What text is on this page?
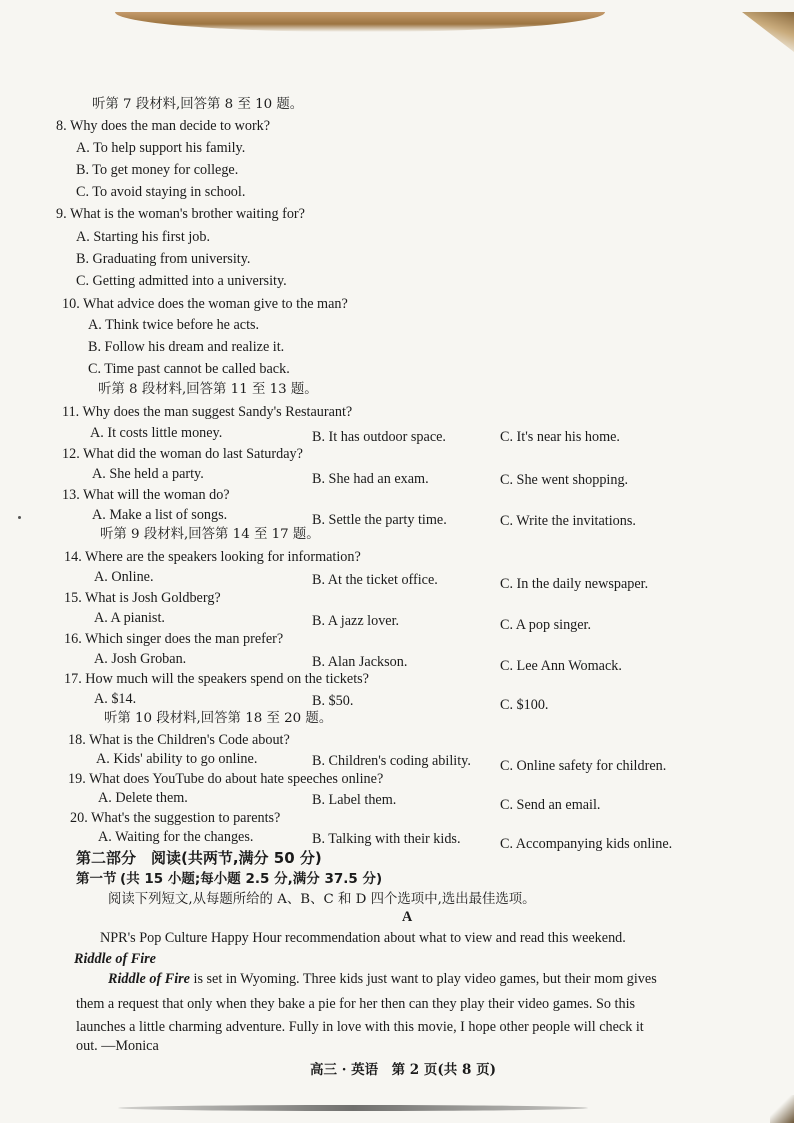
听第 7 段材料,回答第 8 至 10 题。
8. Why does the man decide to work?
A. To help support his family.
B. To get money for college.
C. To avoid staying in school.
9. What is the woman's brother waiting for?
A. Starting his first job.
B. Graduating from university.
C. Getting admitted into a university.
10. What advice does the woman give to the man?
A. Think twice before he acts.
B. Follow his dream and realize it.
C. Time past cannot be called back.
听第 8 段材料,回答第 11 至 13 题。
11. Why does the man suggest Sandy's Restaurant?
A. It costs little money.	B. It has outdoor space.	C. It's near his home.
12. What did the woman do last Saturday?
A. She held a party.	B. She had an exam.	C. She went shopping.
13. What will the woman do?
A. Make a list of songs.	B. Settle the party time.	C. Write the invitations.
听第 9 段材料,回答第 14 至 17 题。
14. Where are the speakers looking for information?
A. Online.	B. At the ticket office.	C. In the daily newspaper.
15. What is Josh Goldberg?
A. A pianist.	B. A jazz lover.	C. A pop singer.
16. Which singer does the man prefer?
A. Josh Groban.	B. Alan Jackson.	C. Lee Ann Womack.
17. How much will the speakers spend on the tickets?
A. $14.	B. $50.	C. $100.
听第 10 段材料,回答第 18 至 20 题。
18. What is the Children's Code about?
A. Kids' ability to go online.	B. Children's coding ability. C. Online safety for children.
19. What does YouTube do about hate speeches online?
A. Delete them.	B. Label them.	C. Send an email.
20. What's the suggestion to parents?
A. Waiting for the changes.	B. Talking with their kids.	C. Accompanying kids online.
第二部分　阅读(共两节,满分 50 分)
第一节 (共 15 小题;每小题 2.5 分,满分 37.5 分)
阅读下列短文,从每题所给的 A、B、C 和 D 四个选项中,选出最佳选项。
A
NPR's Pop Culture Happy Hour recommendation about what to view and read this weekend.
Riddle of Fire
Riddle of Fire is set in Wyoming. Three kids just want to play video games, but their mom gives
them a request that only when they bake a pie for her then can they play their video games. So this
launches a little charming adventure. Fully in love with this movie, I hope other people will check it
out. —Monica
高三 · 英语　第 2 页(共 8 页)
